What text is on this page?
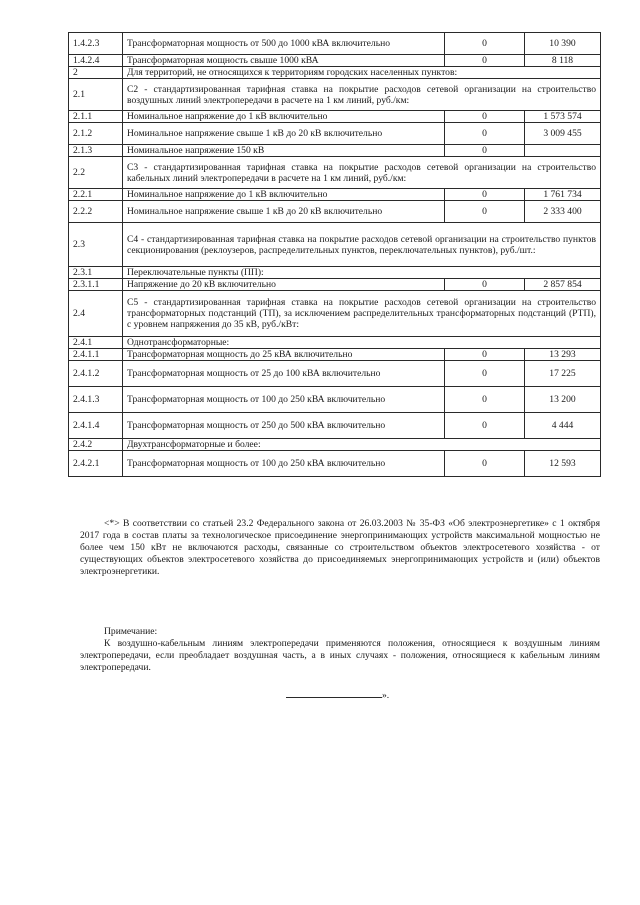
1.4.2.3	Трансформаторная мощность от 500 до 1000 кВА включительно	0	10 390
1.4.2.4	Трансформаторная мощность свыше 1000 кВА	0	8 118
2	Для территорий, не относящихся к территориям городских населенных пунктов:		
2.1	С2 - стандартизированная тарифная ставка на покрытие расходов сетевой организации на строительство воздушных линий электропередачи в расчете на 1 км линий, руб./км:		
2.1.1	Номинальное напряжение до 1 кВ включительно	0	1 573 574
2.1.2	Номинальное напряжение свыше 1 кВ до 20 кВ включительно	0	3 009 455
2.1.3	Номинальное напряжение 150 кВ	0	
2.2	С3 - стандартизированная тарифная ставка на покрытие расходов сетевой организации на строительство кабельных линий электропередачи в расчете на 1 км линий, руб./км:		
2.2.1	Номинальное напряжение до 1 кВ включительно	0	1 761 734
2.2.2	Номинальное напряжение свыше 1 кВ до 20 кВ включительно	0	2 333 400
2.3	С4 - стандартизированная тарифная ставка на покрытие расходов сетевой организации на строительство пунктов секционирования (реклоузеров, распределительных пунктов, переключательных пунктов), руб./шт.:		
2.3.1	Переключательные пункты (ПП):		
2.3.1.1	Напряжение до 20 кВ включительно	0	2 857 854
2.4	С5 - стандартизированная тарифная ставка на покрытие расходов сетевой организации на строительство трансформаторных подстанций (ТП), за исключением распределительных трансформаторных подстанций (РТП), с уровнем напряжения до 35 кВ, руб./кВт:		
2.4.1	Однотрансформаторные:		
2.4.1.1	Трансформаторная мощность до 25 кВА включительно	0	13 293
2.4.1.2	Трансформаторная мощность от 25 до 100 кВА включительно	0	17 225
2.4.1.3	Трансформаторная мощность от 100 до 250 кВА включительно	0	13 200
2.4.1.4	Трансформаторная мощность от 250 до 500 кВА включительно	0	4 444
2.4.2	Двухтрансформаторные и более:		
2.4.2.1	Трансформаторная мощность от 100 до 250 кВА включительно	0	12 593

<*> В соответствии со статьей 23.2 Федерального закона от 26.03.2003 № 35-ФЗ «Об электроэнергетике» с 1 октября 2017 года в состав платы за технологическое присоединение энергопринимающих устройств максимальной мощностью не более чем 150 кВт не включаются расходы, связанные со строительством объектов электросетевого хозяйства - от существующих объектов электросетевого хозяйства до присоединяемых энергопринимающих устройств и (или) объектов электроэнергетики.

Примечание:

К воздушно-кабельным линиям электропередачи применяются положения, относящиеся к воздушным линиям электропередачи, если преобладает воздушная часть, а в иных случаях - положения, относящиеся к кабельным линиям электропередачи.

».
